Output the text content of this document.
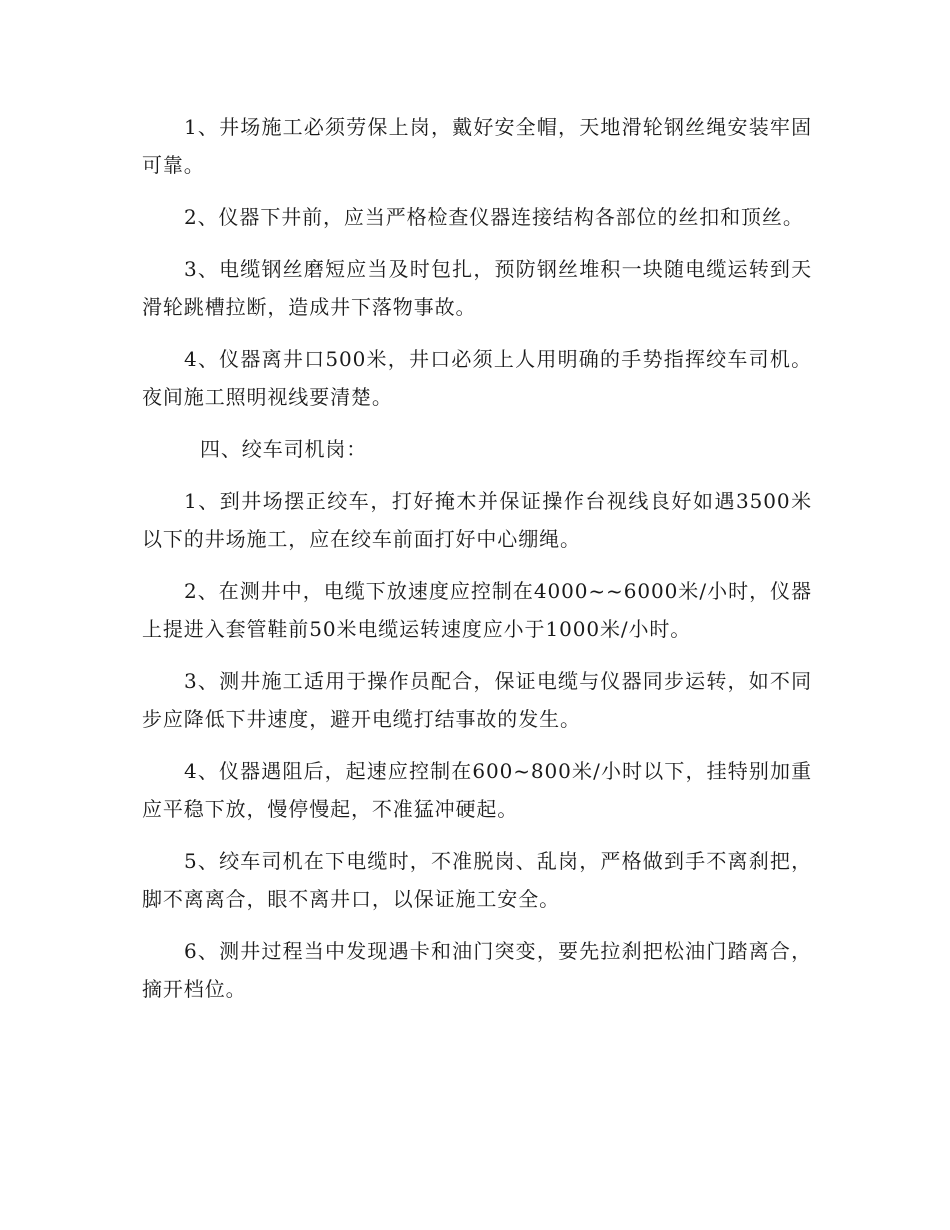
1、井场施工必须劳保上岗，戴好安全帽，天地滑轮钢丝绳安装牢固可靠。

2、仪器下井前，应当严格检查仪器连接结构各部位的丝扣和顶丝。

3、电缆钢丝磨短应当及时包扎，预防钢丝堆积一块随电缆运转到天滑轮跳槽拉断，造成井下落物事故。

4、仪器离井口500米，井口必须上人用明确的手势指挥绞车司机。夜间施工照明视线要清楚。

四、绞车司机岗：

1、到井场摆正绞车，打好掩木并保证操作台视线良好如遇3500米以下的井场施工，应在绞车前面打好中心绷绳。

2、在测井中，电缆下放速度应控制在4000~~6000米/小时，仪器上提进入套管鞋前50米电缆运转速度应小于1000米/小时。

3、测井施工适用于操作员配合，保证电缆与仪器同步运转，如不同步应降低下井速度，避开电缆打结事故的发生。

4、仪器遇阻后，起速应控制在600~800米/小时以下，挂特别加重应平稳下放，慢停慢起，不准猛冲硬起。

5、绞车司机在下电缆时，不准脱岗、乱岗，严格做到手不离刹把，脚不离离合，眼不离井口，以保证施工安全。

6、测井过程当中发现遇卡和油门突变，要先拉刹把松油门踏离合，摘开档位。
